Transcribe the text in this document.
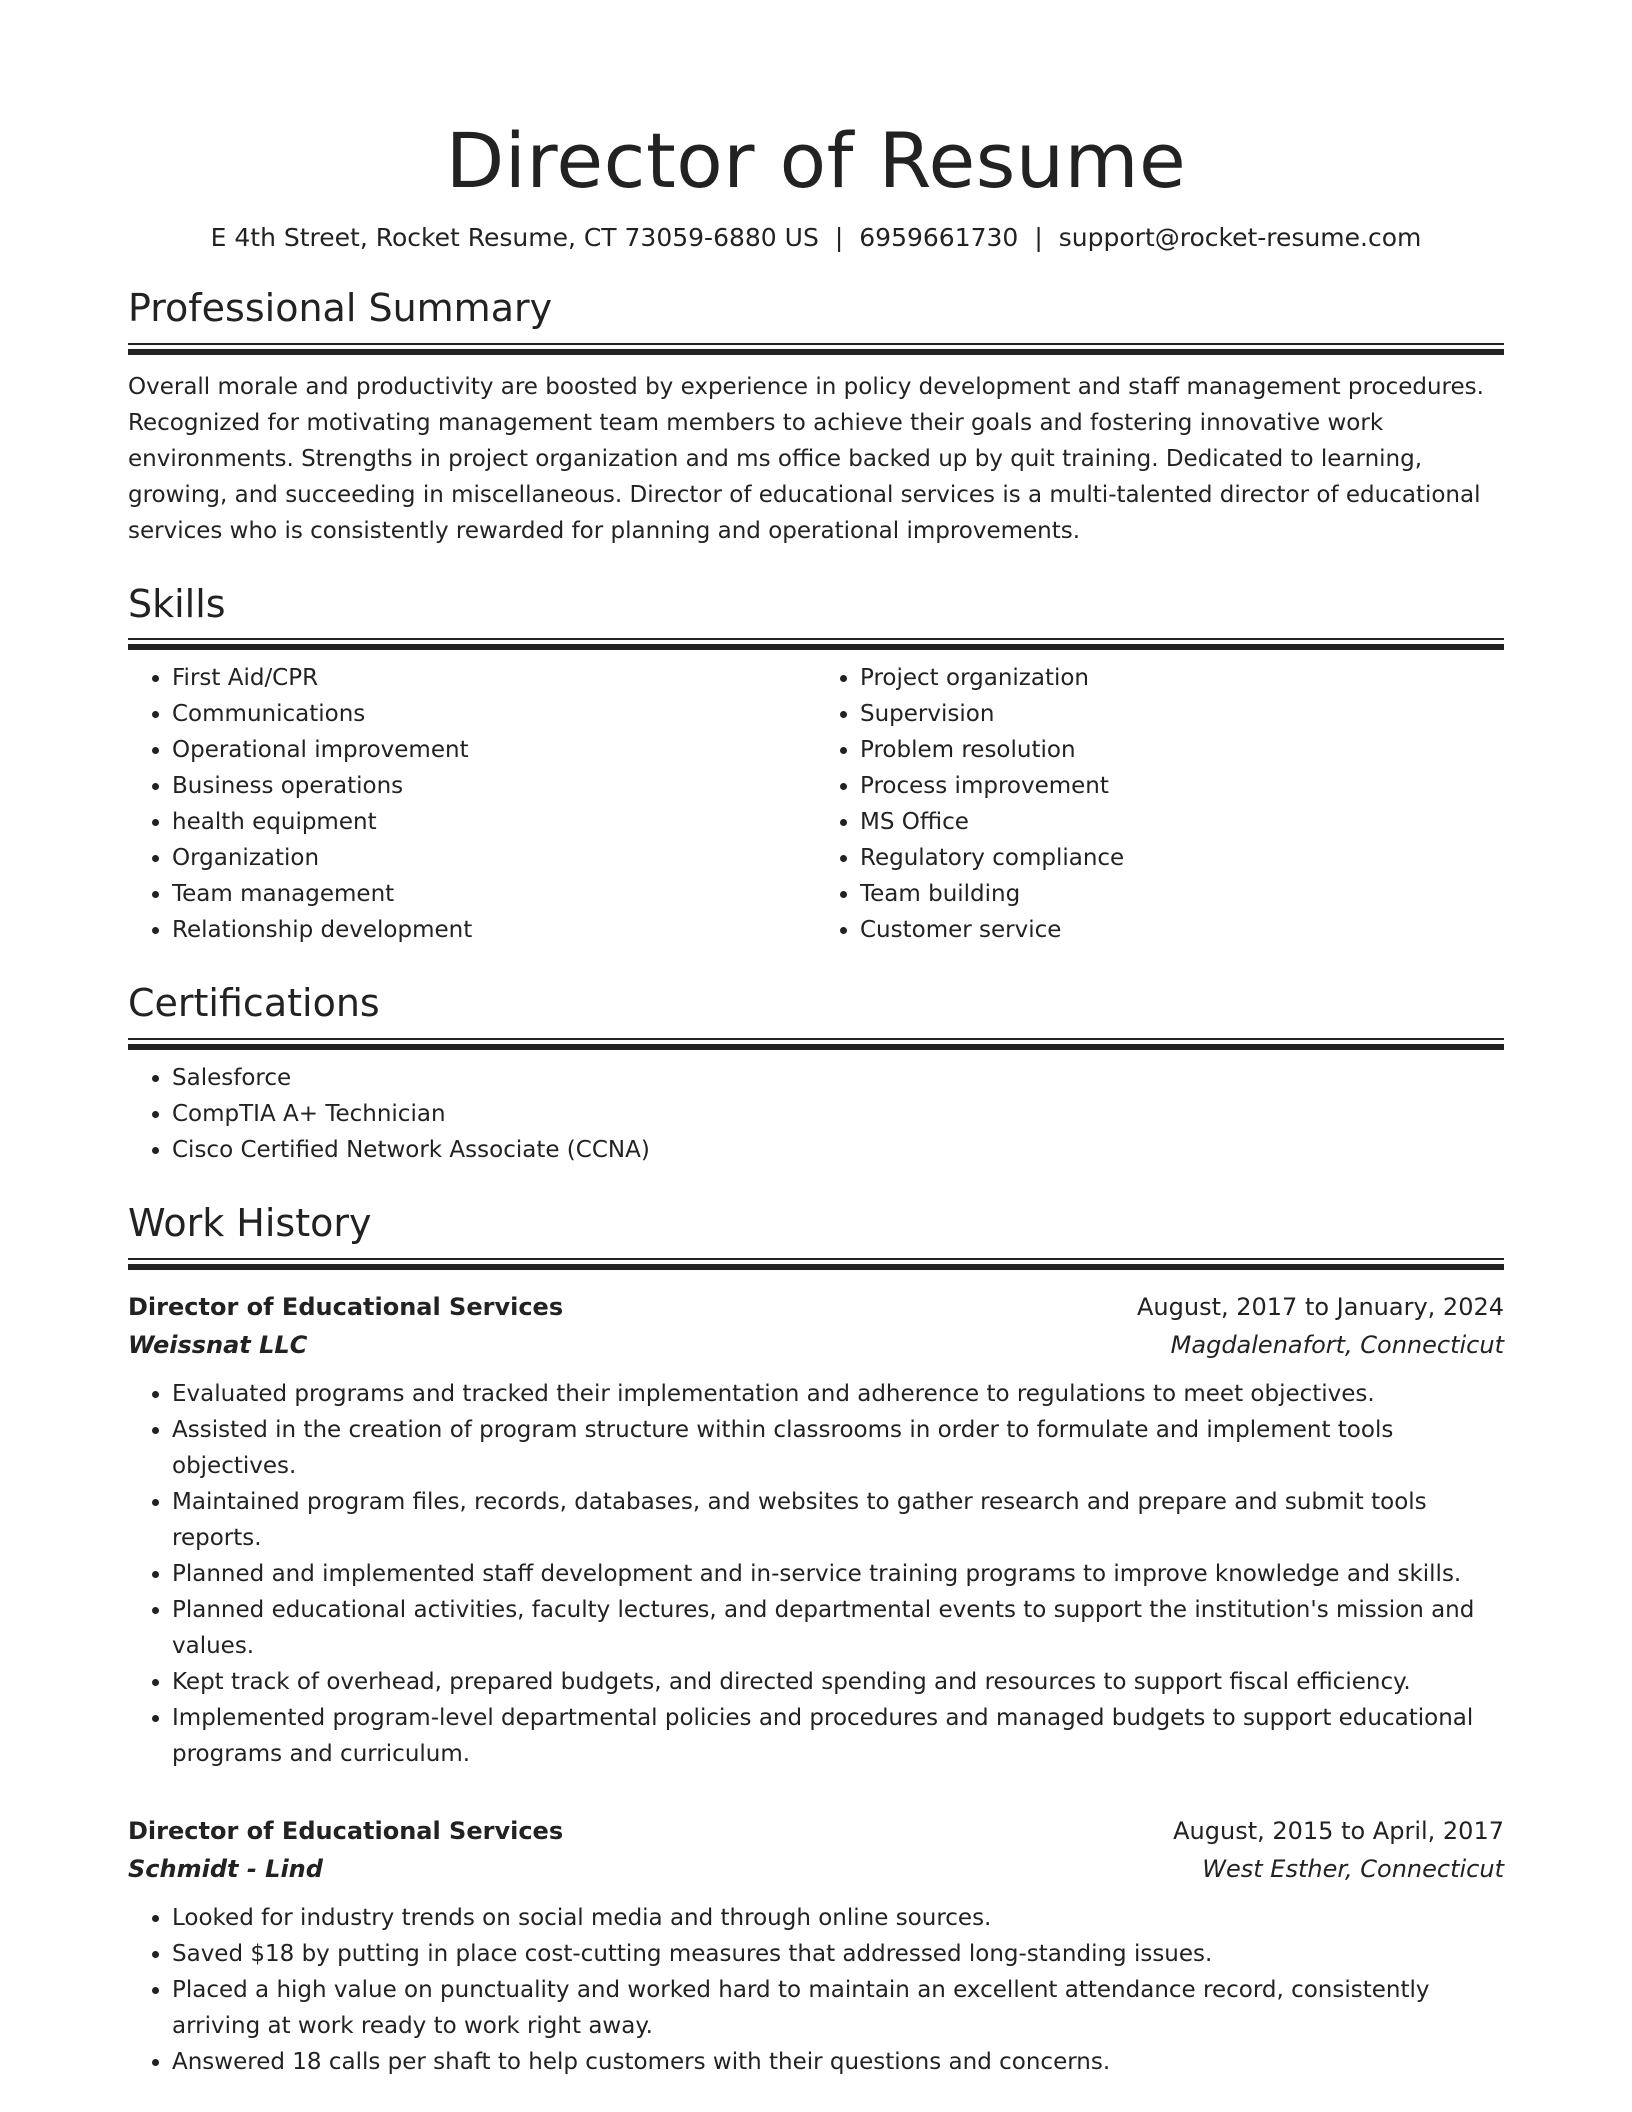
Director of Resume
E 4th Street, Rocket Resume, CT 73059-6880 US | 6959661730 | support@rocket-resume.com
Professional Summary

Overall morale and productivity are boosted by experience in policy development and staff management procedures. Recognized for motivating management team members to achieve their goals and fostering innovative work environments. Strengths in project organization and ms office backed up by quit training. Dedicated to learning, growing, and succeeding in miscellaneous. Director of educational services is a multi-talented director of educational services who is consistently rewarded for planning and operational improvements.

Skills
• First Aid/CPR
• Communications
• Operational improvement
• Business operations
• health equipment
• Organization
• Team management
• Relationship development
• Project organization
• Supervision
• Problem resolution
• Process improvement
• MS Office
• Regulatory compliance
• Team building
• Customer service
Certifications
• Salesforce
• CompTIA A+ Technician
• Cisco Certified Network Associate (CCNA)
Work History
Director of Educational Services	August, 2017 to January, 2024
Weissnat LLC	Magdalenafort, Connecticut
• Evaluated programs and tracked their implementation and adherence to regulations to meet objectives.
• Assisted in the creation of program structure within classrooms in order to formulate and implement tools objectives.
• Maintained program files, records, databases, and websites to gather research and prepare and submit tools reports.
• Planned and implemented staff development and in-service training programs to improve knowledge and skills.
• Planned educational activities, faculty lectures, and departmental events to support the institution's mission and values.
• Kept track of overhead, prepared budgets, and directed spending and resources to support fiscal efficiency.
• Implemented program-level departmental policies and procedures and managed budgets to support educational programs and curriculum.
Director of Educational Services	August, 2015 to April, 2017
Schmidt - Lind	West Esther, Connecticut
• Looked for industry trends on social media and through online sources.
• Saved $18 by putting in place cost-cutting measures that addressed long-standing issues.
• Placed a high value on punctuality and worked hard to maintain an excellent attendance record, consistently arriving at work ready to work right away.
• Answered 18 calls per shaft to help customers with their questions and concerns.
